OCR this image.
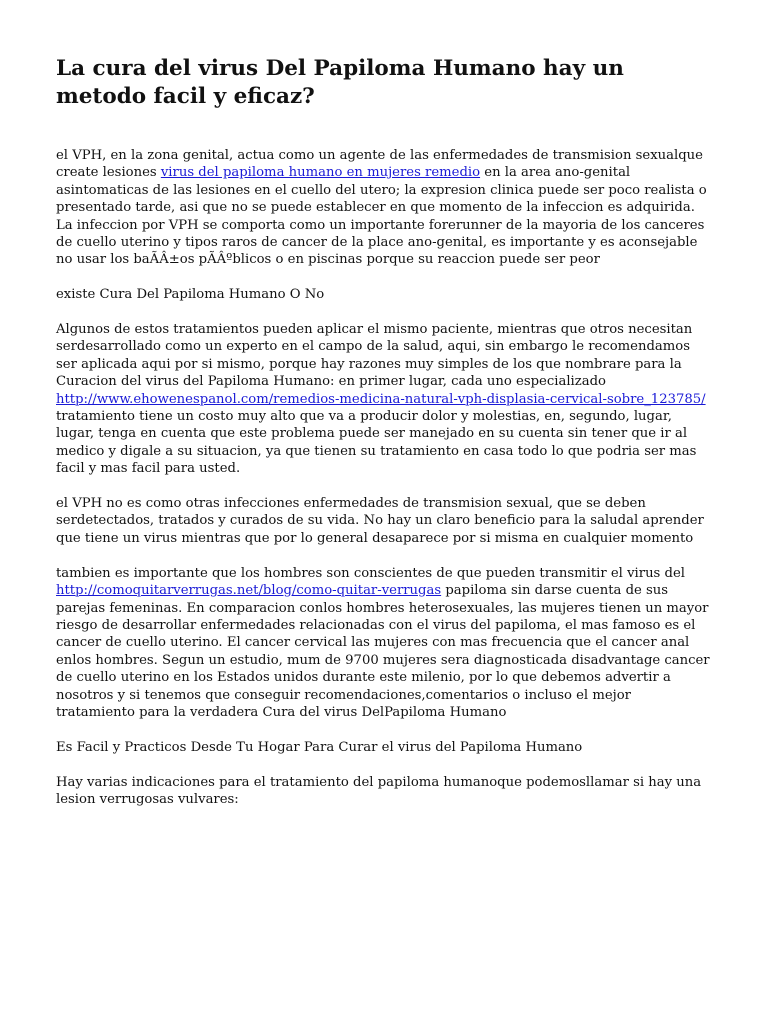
La cura del virus Del Papiloma Humano hay un metodo facil y eficaz?

el VPH, en la zona genital, actua como un agente de las enfermedades de transmision sexualque create lesiones virus del papiloma humano en mujeres remedio en la area ano-genital asintomaticas de las lesiones en el cuello del utero; la expresion clinica puede ser poco realista o presentado tarde, asi que no se puede establecer en que momento de la infeccion es adquirida. La infeccion por VPH se comporta como un importante forerunner de la mayoria de los canceres de cuello uterino y tipos raros de cancer de la place ano-genital, es importante y es aconsejable no usar los baÃÂ±os pÃÂºblicos o en piscinas porque su reaccion puede ser peor

existe Cura Del Papiloma Humano O No

Algunos de estos tratamientos pueden aplicar el mismo paciente, mientras que otros necesitan serdesarrollado como un experto en el campo de la salud, aqui, sin embargo le recomendamos ser aplicada aqui por si mismo, porque hay razones muy simples de los que nombrare para la Curacion del virus del Papiloma Humano: en primer lugar, cada uno especializado http://www.ehowenespanol.com/remedios-medicina-natural-vph-displasia-cervical-sobre_123785/ tratamiento tiene un costo muy alto que va a producir dolor y molestias, en, segundo, lugar, lugar, tenga en cuenta que este problema puede ser manejado en su cuenta sin tener que ir al medico y digale a su situacion, ya que tienen su tratamiento en casa todo lo que podria ser mas facil y mas facil para usted.

el VPH no es como otras infecciones enfermedades de transmision sexual, que se deben serdetectados, tratados y curados de su vida. No hay un claro beneficio para la saludal aprender que tiene un virus mientras que por lo general desaparece por si misma en cualquier momento

tambien es importante que los hombres son conscientes de que pueden transmitir el virus del http://comoquitarverrugas.net/blog/como-quitar-verrugas papiloma sin darse cuenta de sus parejas femeninas. En comparacion conlos hombres heterosexuales, las mujeres tienen un mayor riesgo de desarrollar enfermedades relacionadas con el virus del papiloma, el mas famoso es el cancer de cuello uterino. El cancer cervical las mujeres con mas frecuencia que el cancer anal enlos hombres. Segun un estudio, mum de 9700 mujeres sera diagnosticada disadvantage cancer de cuello uterino en los Estados unidos durante este milenio, por lo que debemos advertir a nosotros y si tenemos que conseguir recomendaciones,comentarios o incluso el mejor tratamiento para la verdadera Cura del virus DelPapiloma Humano

Es Facil y Practicos Desde Tu Hogar Para Curar el virus del Papiloma Humano

Hay varias indicaciones para el tratamiento del papiloma humanoque podemosllamar si hay una lesion verrugosas vulvares:
